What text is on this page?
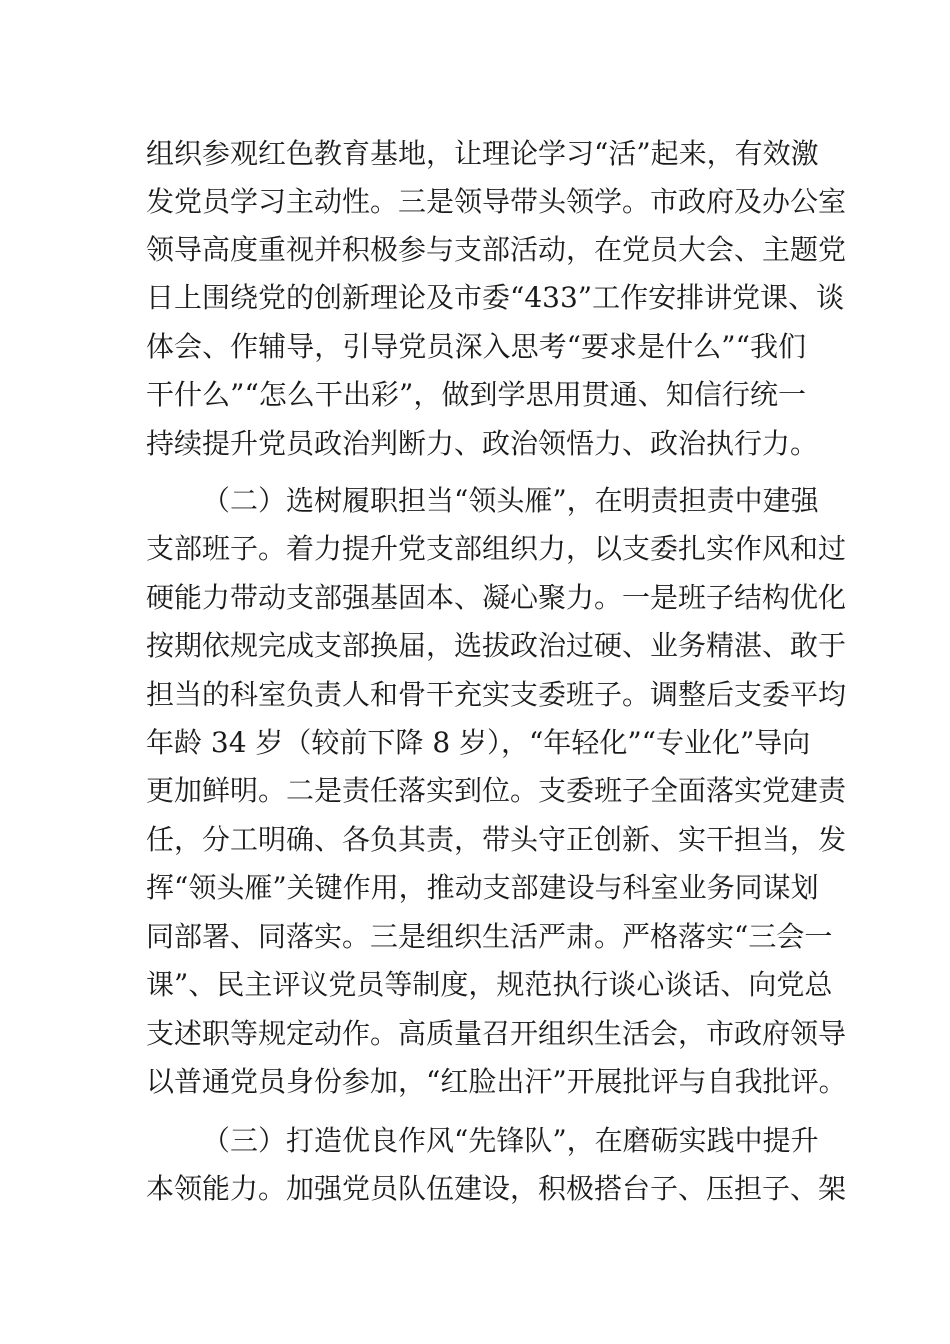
组织参观红色教育基地，让理论学习“活”起来，有效激
发党员学习主动性。三是领导带头领学。市政府及办公室
领导高度重视并积极参与支部活动，在党员大会、主题党
日上围绕党的创新理论及市委“433”工作安排讲党课、谈
体会、作辅导，引导党员深入思考“要求是什么”“我们
干什么”“怎么干出彩”，做到学思用贯通、知信行统一
持续提升党员政治判断力、政治领悟力、政治执行力。
（二）选树履职担当“领头雁”，在明责担责中建强
支部班子。着力提升党支部组织力，以支委扎实作风和过
硬能力带动支部强基固本、凝心聚力。一是班子结构优化
按期依规完成支部换届，选拔政治过硬、业务精湛、敢于
担当的科室负责人和骨干充实支委班子。调整后支委平均
年龄 34 岁（较前下降 8 岁），“年轻化”“专业化”导向
更加鲜明。二是责任落实到位。支委班子全面落实党建责
任，分工明确、各负其责，带头守正创新、实干担当，发
挥“领头雁”关键作用，推动支部建设与科室业务同谋划
同部署、同落实。三是组织生活严肃。严格落实“三会一
课”、民主评议党员等制度，规范执行谈心谈话、向党总
支述职等规定动作。高质量召开组织生活会，市政府领导
以普通党员身份参加，“红脸出汗”开展批评与自我批评。
（三）打造优良作风“先锋队”，在磨砺实践中提升
本领能力。加强党员队伍建设，积极搭台子、压担子、架
